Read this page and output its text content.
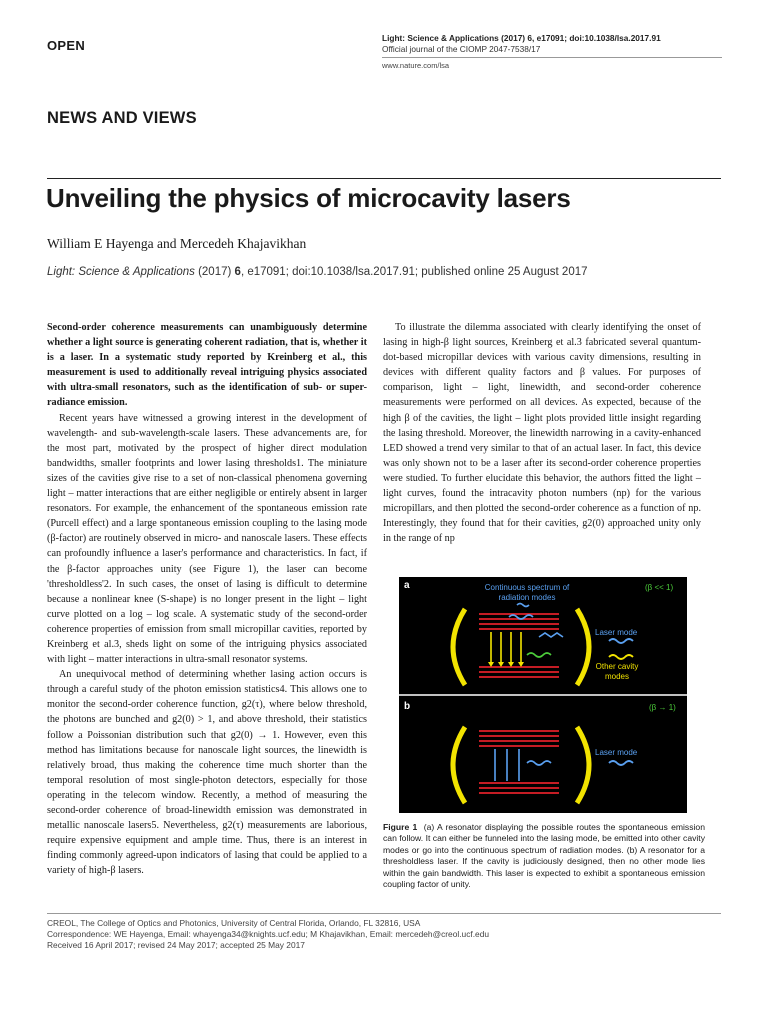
OPEN	Light: Science & Applications (2017) 6, e17091; doi:10.1038/lsa.2017.91
Official journal of the CIOMP 2047-7538/17
www.nature.com/lsa
NEWS AND VIEWS
Unveiling the physics of microcavity lasers
William E Hayenga and Mercedeh Khajavikhan
Light: Science & Applications (2017) 6, e17091; doi:10.1038/lsa.2017.91; published online 25 August 2017

Second-order coherence measurements can unambiguously determine whether a light source is generating coherent radiation, that is, whether it is a laser. In a systematic study reported by Kreinberg et al., this measurement is used to additionally reveal intriguing physics associated with ultra-small resonators, such as the identification of sub- or super-radiance emission.

Recent years have witnessed a growing interest in the development of wavelength- and sub-wavelength-scale lasers. These advancements are, for the most part, motivated by the prospect of higher direct modulation bandwidths, smaller footprints and lower lasing thresholds1. The miniature sizes of the cavities give rise to a set of non-classical phenomena governing light – matter interactions that are either negligible or entirely absent in larger resonators. For example, the enhancement of the spontaneous emission rate (Purcell effect) and a large spontaneous emission coupling to the lasing mode (β-factor) are routinely observed in micro- and nanoscale lasers. These effects can profoundly influence a laser's performance and characteristics. In fact, if the β-factor approaches unity (see Figure 1), the laser can become 'thresholdless'2. In such cases, the onset of lasing is difficult to determine because a nonlinear knee (S-shape) is no longer present in the light – light curve plotted on a log – log scale. A systematic study of the second-order coherence properties of emission from small micropillar cavities, reported by Kreinberg et al.3, sheds light on some of the intriguing physics associated with light – matter interactions in ultra-small resonator systems.

An unequivocal method of determining whether lasing action occurs is through a careful study of the photon emission statistics4. This allows one to monitor the second-order coherence function, g2(τ), where below threshold, the photons are bunched and g2(0) > 1, and above threshold, their statistics follow a Poissonian distribution such that g2(0) → 1. However, even this method has limitations because for nanoscale light sources, the linewidth is relatively broad, thus making the coherence time much shorter than the temporal resolution of most single-photon detectors, especially for those operating in the telecom window. Recently, a method of measuring the second-order coherence of broad-linewidth emission was demonstrated in metallic nanoscale lasers5. Nevertheless, g2(τ) measurements are laborious, require expensive equipment and ample time. Thus, there is an interest in finding commonly agreed-upon indicators of lasing that could be applied to a variety of high-β lasers.

To illustrate the dilemma associated with clearly identifying the onset of lasing in high-β light sources, Kreinberg et al.3 fabricated several quantum-dot-based micropillar devices with various cavity dimensions, resulting in devices with different quality factors and β values. For purposes of comparison, light – light, linewidth, and second-order coherence measurements were performed on all devices. As expected, because of the high β of the cavities, the light – light plots provided little insight regarding the lasing threshold. Moreover, the linewidth narrowing in a cavity-enhanced LED showed a trend very similar to that of an actual laser. In fact, this device was only shown not to be a laser after its second-order coherence properties were studied. To further elucidate this behavior, the authors fitted the light – light curves, found the intracavity photon numbers (np) for the various micropillars, and then plotted the second-order coherence as a function of np. Interestingly, they found that for their cavities, g2(0) approached unity only in the range of np

a	Continuous spectrum of
radiation modes
(β << 1)
Laser mode
Other cavity
modes
b	(β → 1)
Laser mode
Figure 1 (a) A resonator displaying the possible routes the spontaneous emission can follow. It can either be funneled into the lasing mode, be emitted into other cavity modes or go into the continuous spectrum of radiation modes. (b) A resonator for a thresholdless laser. If the cavity is judiciously designed, then no other mode lies within the gain bandwidth. This laser is expected to exhibit a spontaneous emission coupling factor of unity.

CREOL, The College of Optics and Photonics, University of Central Florida, Orlando, FL 32816, USA

Correspondence: WE Hayenga, Email: whayenga34@knights.ucf.edu; M Khajavikhan, Email: mercedeh@creol.ucf.edu

Received 16 April 2017; revised 24 May 2017; accepted 25 May 2017
